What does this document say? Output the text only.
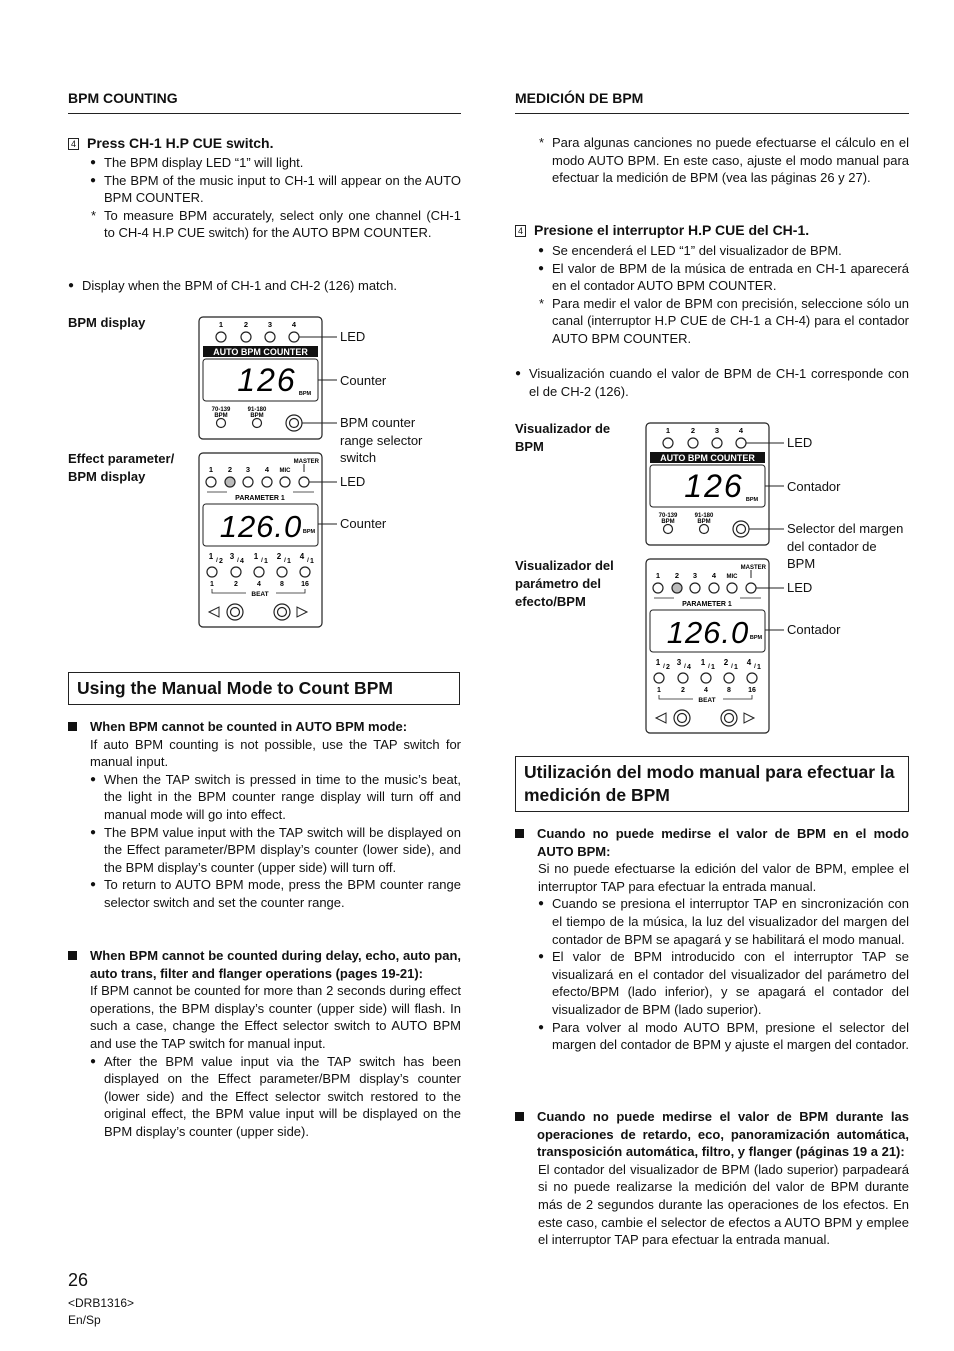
BPM COUNTING
4 Press CH-1 H.P CUE switch.
● The BPM display LED “1” will light.
● The BPM of the music input to CH-1 will appear on the AUTO BPM COUNTER.
* To measure BPM accurately, select only one channel (CH-1 to CH-4 H.P CUE switch) for the AUTO BPM COUNTER.
● Display when the BPM of CH-1 and CH-2 (126) match.
BPM display
Effect parameter/ BPM display
LED
Counter
BPM counter range selector switch
LED
Counter
1	2	3	4
AUTO BPM COUNTER
126 BPM
70-139
BPM
91-180
BPM
MASTER
1 2 3 4 MIC
PARAMETER 1
126.0 BPM
1 / 2
3 / 4
1 / 1
2 / 1
4 / 1
1	2	4	8 16
BEAT
Using the Manual Mode to Count BPM
When BPM cannot be counted in AUTO BPM mode:
If auto BPM counting is not possible, use the TAP switch for manual input.
● When the TAP switch is pressed in time to the music’s beat, the light in the BPM counter range display will turn off and manual mode will go into effect.
● The BPM value input with the TAP switch will be displayed on the Effect parameter/BPM display’s counter (lower side), and the BPM display’s counter (upper side) will turn off.
● To return to AUTO BPM mode, press the BPM counter range selector switch and set the counter range.
When BPM cannot be counted during delay, echo, auto pan, auto trans, filter and flanger operations (pages 19-21):
If BPM cannot be counted for more than 2 seconds during effect operations, the BPM display’s counter (upper side) will flash. In such a case, change the Effect selector switch to AUTO BPM and use the TAP switch for manual input.
● After the BPM value input via the TAP switch has been displayed on the Effect parameter/BPM display’s counter (lower side) and the Effect selector switch restored to the original effect, the BPM value input will be displayed on the BPM display’s counter (upper side).
MEDICIÓN DE BPM
* Para algunas canciones no puede efectuarse el cálculo en el modo AUTO BPM. En este caso, ajuste el modo manual para efectuar la medición de BPM (vea las páginas 26 y 27).
4 Presione el interruptor H.P CUE del CH-1.
● Se encenderá el LED “1” del visualizador de BPM.
● El valor de BPM de la música de entrada en CH-1 aparecerá en el contador AUTO BPM COUNTER.
* Para medir el valor de BPM con precisión, seleccione sólo un canal (interruptor H.P CUE de CH-1 a CH-4) para el contador AUTO BPM COUNTER.
● Visualización cuando el valor de BPM de CH-1 corresponde con el de CH-2 (126).
Visualizador de BPM
Visualizador del parámetro del efecto/BPM
LED
Contador
Selector del margen del contador de BPM
LED
Contador
1	2	3	4
AUTO BPM COUNTER
126 BPM
70-139
BPM
91-180
BPM
MASTER
1 2 3 4 MIC
PARAMETER 1
126.0 BPM
1 / 2
3 / 4
1 / 1
2 / 1
4 / 1
1	2	4	8 16
BEAT
Utilización del modo manual para efectuar la medición de BPM
Cuando no puede medirse el valor de BPM en el modo AUTO BPM:
Si no puede efectuarse la edición del valor de BPM, emplee el interruptor TAP para efectuar la entrada manual.
● Cuando se presiona el interruptor TAP en sincronización con el tiempo de la música, la luz del visualizador del margen del contador de BPM se apagará y se habilitará el modo manual.
● El valor de BPM introducido con el interruptor TAP se visualizará en el contador del visualizador del parámetro del efecto/BPM (lado inferior), y se apagará el contador del visualizador de BPM (lado superior).
● Para volver al modo AUTO BPM, presione el selector del margen del contador de BPM y ajuste el margen del contador.
Cuando no puede medirse el valor de BPM durante las operaciones de retardo, eco, panoramización automática, transposición automática, filtro, y flanger (páginas 19 a 21):
El contador del visualizador de BPM (lado superior) parpadeará si no puede realizarse la medición del valor de BPM durante más de 2 segundos durante las operaciones de los efectos. En este caso, cambie el selector de efectos a AUTO BPM y emplee el interruptor TAP para efectuar la entrada manual.
26
<DRB1316>
En/Sp
